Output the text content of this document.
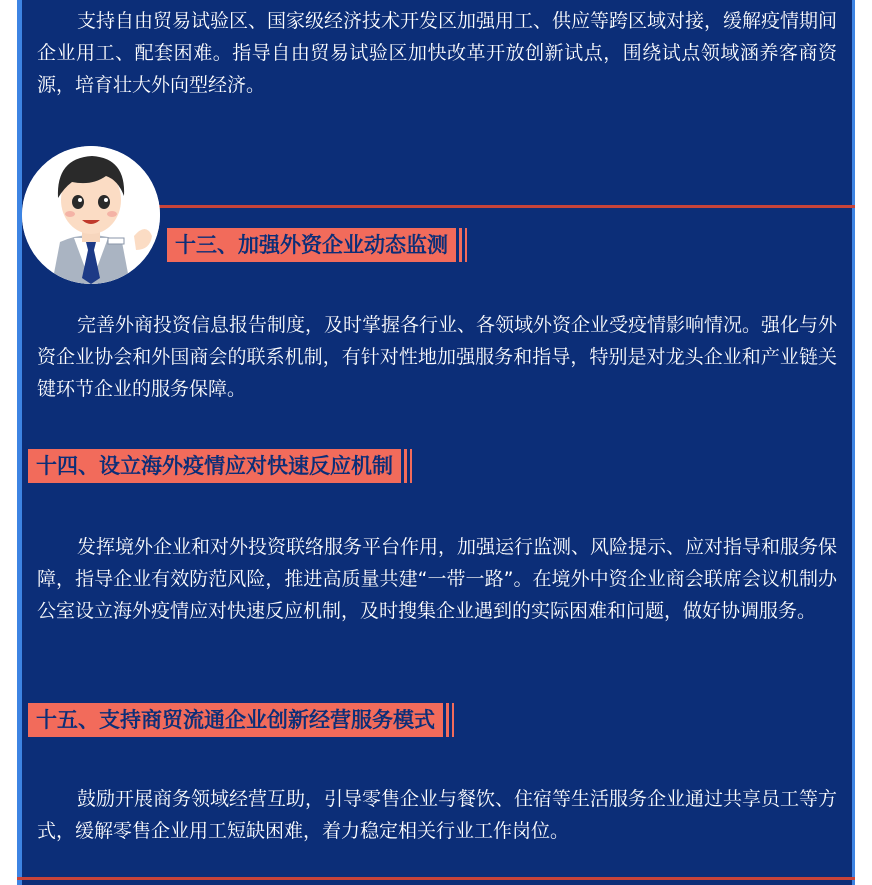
支持自由贸易试验区、国家级经济技术开发区加强用工、供应等跨区域对接，缓解疫情期间企业用工、配套困难。指导自由贸易试验区加快改革开放创新试点，围绕试点领域涵养客商资源，培育壮大外向型经济。

十三、加强外资企业动态监测

完善外商投资信息报告制度，及时掌握各行业、各领域外资企业受疫情影响情况。强化与外资企业协会和外国商会的联系机制，有针对性地加强服务和指导，特别是对龙头企业和产业链关键环节企业的服务保障。

十四、设立海外疫情应对快速反应机制

发挥境外企业和对外投资联络服务平台作用，加强运行监测、风险提示、应对指导和服务保障，指导企业有效防范风险，推进高质量共建“一带一路”。在境外中资企业商会联席会议机制办公室设立海外疫情应对快速反应机制，及时搜集企业遇到的实际困难和问题，做好协调服务。

十五、支持商贸流通企业创新经营服务模式

鼓励开展商务领域经营互助，引导零售企业与餐饮、住宿等生活服务企业通过共享员工等方式，缓解零售企业用工短缺困难，着力稳定相关行业工作岗位。
